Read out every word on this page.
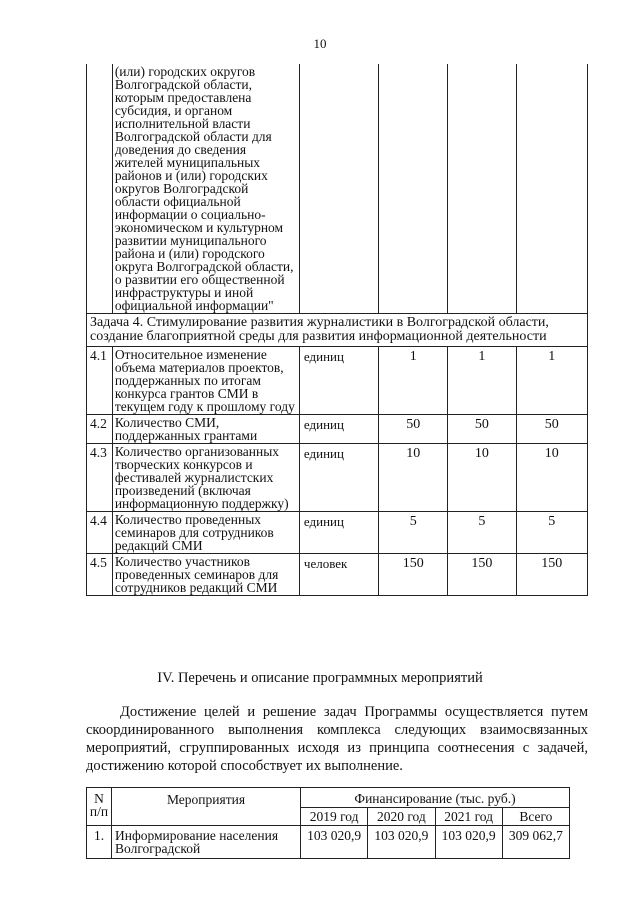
10
	(или) городских округов Волгоградской области, которым предоставлена субсидия, и органом исполнительной власти Волгоградской области для доведения до сведения жителей муниципальных районов и (или) городских округов Волгоградской области официальной информации о социально-экономическом и культурном развитии муниципального района и (или) городского округа Волгоградской области, о развитии его общественной инфраструктуры и иной официальной информации"				
Задача 4. Стимулирование развития журналистики в Волгоградской области, создание благоприятной среды для развития информационной деятельности					
4.1	Относительное изменение объема материалов проектов, поддержанных по итогам конкурса грантов СМИ в текущем году к прошлому году	единиц	1	1	1
4.2	Количество СМИ, поддержанных грантами	единиц	50	50	50
4.3	Количество организованных творческих конкурсов и фестивалей журналистских произведений (включая информационную поддержку)	единиц	10	10	10
4.4	Количество проведенных семинаров для сотрудников редакций СМИ	единиц	5	5	5
4.5	Количество участников проведенных семинаров для сотрудников редакций СМИ	человек	150	150	150
IV. Перечень и описание программных мероприятий

Достижение целей и решение задач Программы осуществляется путем скоординированного выполнения комплекса следующих взаимосвязанных мероприятий, сгруппированных исходя из принципа соотнесения с задачей, достижению которой способствует их выполнение.

N п/п	Мероприятия	Финансирование (тыс. руб.)			
		2019 год	2020 год	2021 год	Всего
1.	Информирование населения Волгоградской	103 020,9	103 020,9	103 020,9	309 062,7
